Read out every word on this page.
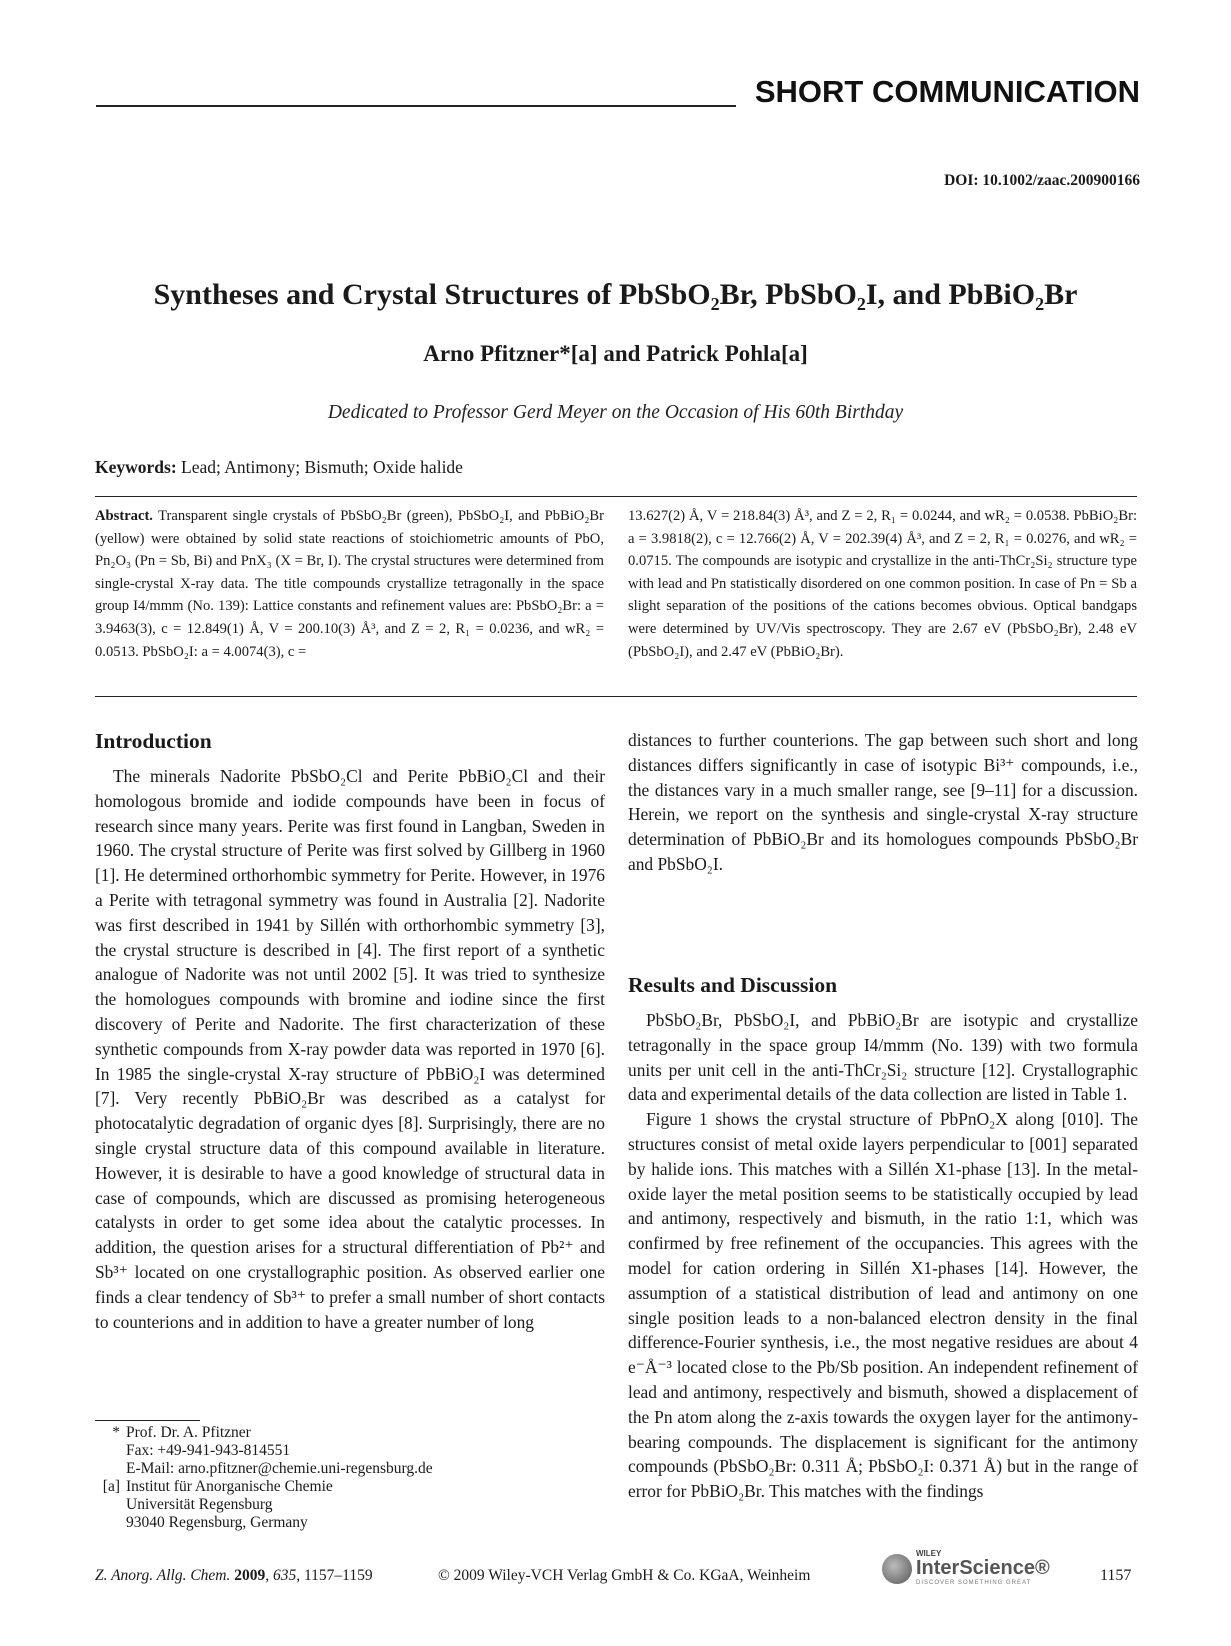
SHORT COMMUNICATION
DOI: 10.1002/zaac.200900166
Syntheses and Crystal Structures of PbSbO₂Br, PbSbO₂I, and PbBiO₂Br
Arno Pfitzner*[a] and Patrick Pohla[a]
Dedicated to Professor Gerd Meyer on the Occasion of His 60th Birthday
Keywords: Lead; Antimony; Bismuth; Oxide halide
Abstract. Transparent single crystals of PbSbO₂Br (green), PbSbO₂I, and PbBiO₂Br (yellow) were obtained by solid state reactions of stoichiometric amounts of PbO, Pn₂O₃ (Pn = Sb, Bi) and PnX₃ (X = Br, I). The crystal structures were determined from single-crystal X-ray data. The title compounds crystallize tetragonally in the space group I4/mmm (No. 139): Lattice constants and refinement values are: PbSbO₂Br: a = 3.9463(3), c = 12.849(1) Å, V = 200.10(3) Å³, and Z = 2, R₁ = 0.0236, and wR₂ = 0.0513. PbSbO₂I: a = 4.0074(3), c =
13.627(2) Å, V = 218.84(3) Å³, and Z = 2, R₁ = 0.0244, and wR₂ = 0.0538. PbBiO₂Br: a = 3.9818(2), c = 12.766(2) Å, V = 202.39(4) Å³, and Z = 2, R₁ = 0.0276, and wR₂ = 0.0715. The compounds are isotypic and crystallize in the anti-ThCr₂Si₂ structure type with lead and Pn statistically disordered on one common position. In case of Pn = Sb a slight separation of the positions of the cations becomes obvious. Optical bandgaps were determined by UV/Vis spectroscopy. They are 2.67 eV (PbSbO₂Br), 2.48 eV (PbSbO₂I), and 2.47 eV (PbBiO₂Br).
Introduction

The minerals Nadorite PbSbO₂Cl and Perite PbBiO₂Cl and their homologous bromide and iodide compounds have been in focus of research since many years. Perite was first found in Langban, Sweden in 1960. The crystal structure of Perite was first solved by Gillberg in 1960 [1]. He determined orthorhombic symmetry for Perite. However, in 1976 a Perite with tetragonal symmetry was found in Australia [2]. Nadorite was first described in 1941 by Sillén with orthorhombic symmetry [3], the crystal structure is described in [4]. The first report of a synthetic analogue of Nadorite was not until 2002 [5]. It was tried to synthesize the homologues compounds with bromine and iodine since the first discovery of Perite and Nadorite. The first characterization of these synthetic compounds from X-ray powder data was reported in 1970 [6]. In 1985 the single-crystal X-ray structure of PbBiO₂I was determined [7]. Very recently PbBiO₂Br was described as a catalyst for photocatalytic degradation of organic dyes [8]. Surprisingly, there are no single crystal structure data of this compound available in literature. However, it is desirable to have a good knowledge of structural data in case of compounds, which are discussed as promising heterogeneous catalysts in order to get some idea about the catalytic processes. In addition, the question arises for a structural differentiation of Pb²⁺ and Sb³⁺ located on one crystallographic position. As observed earlier one finds a clear tendency of Sb³⁺ to prefer a small number of short contacts to counterions and in addition to have a greater number of long

distances to further counterions. The gap between such short and long distances differs significantly in case of isotypic Bi³⁺ compounds, i.e., the distances vary in a much smaller range, see [9–11] for a discussion. Herein, we report on the synthesis and single-crystal X-ray structure determination of PbBiO₂Br and its homologues compounds PbSbO₂Br and PbSbO₂I.

Results and Discussion

PbSbO₂Br, PbSbO₂I, and PbBiO₂Br are isotypic and crystallize tetragonally in the space group I4/mmm (No. 139) with two formula units per unit cell in the anti-ThCr₂Si₂ structure [12]. Crystallographic data and experimental details of the data collection are listed in Table 1.

Figure 1 shows the crystal structure of PbPnO₂X along [010]. The structures consist of metal oxide layers perpendicular to [001] separated by halide ions. This matches with a Sillén X1-phase [13]. In the metal-oxide layer the metal position seems to be statistically occupied by lead and antimony, respectively and bismuth, in the ratio 1:1, which was confirmed by free refinement of the occupancies. This agrees with the model for cation ordering in Sillén X1-phases [14]. However, the assumption of a statistical distribution of lead and antimony on one single position leads to a non-balanced electron density in the final difference-Fourier synthesis, i.e., the most negative residues are about 4 e⁻Å⁻³ located close to the Pb/Sb position. An independent refinement of lead and antimony, respectively and bismuth, showed a displacement of the Pn atom along the z-axis towards the oxygen layer for the antimony-bearing compounds. The displacement is significant for the antimony compounds (PbSbO₂Br: 0.311 Å; PbSbO₂I: 0.371 Å) but in the range of error for PbBiO₂Br. This matches with the findings

* Prof. Dr. A. Pfitzner
Fax: +49-941-943-814551
E-Mail: arno.pfitzner@chemie.uni-regensburg.de
[a] Institut für Anorganische Chemie
Universität Regensburg
93040 Regensburg, Germany
Z. Anorg. Allg. Chem. 2009, 635, 1157–1159	© 2009 Wiley-VCH Verlag GmbH & Co. KGaA, Weinheim
WILEY
InterScience®
DISCOVER SOMETHING GREAT	1157
